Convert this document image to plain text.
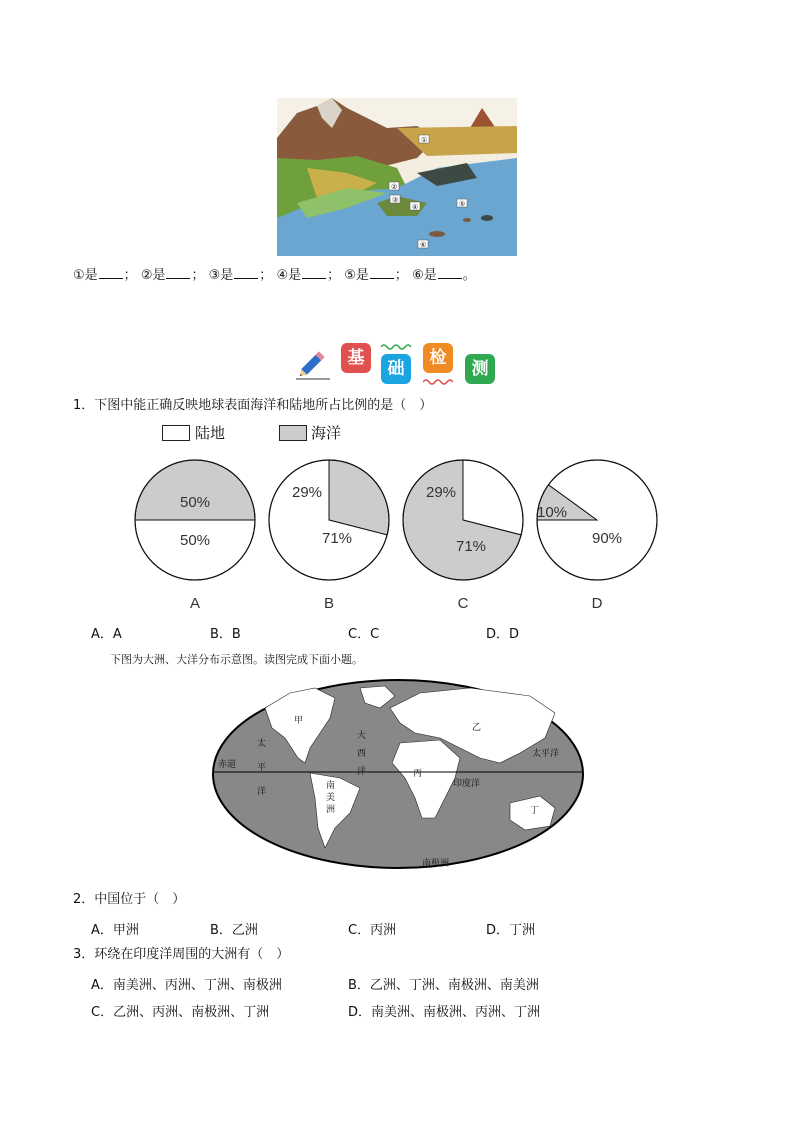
①
②
③
④	⑤
⑥
①是 ； ②是 ； ③是 ； ④是 ； ⑤是 ； ⑥是 。
基
础
检
测
1．下图中能正确反映地球表面海洋和陆地所占比例的是（　）
陆地	海洋
50%
50%
A
29%
71%
B
29%
71%
C
10%
90%
D
A．A	B．B	C．C	D．D
下图为大洲、大洋分布示意图。读图完成下面小题。
甲
乙
丙
丁
太
平
洋
大
西
洋
太平洋
赤道
南
美
洲
印度洋
南极洲
2．中国位于（　）
A．甲洲	B．乙洲	C．丙洲	D．丁洲
3．环绕在印度洋周围的大洲有（　）
A．南美洲、丙洲、丁洲、南极洲	B．乙洲、丁洲、南极洲、南美洲
C．乙洲、丙洲、南极洲、丁洲	D．南美洲、南极洲、丙洲、丁洲
